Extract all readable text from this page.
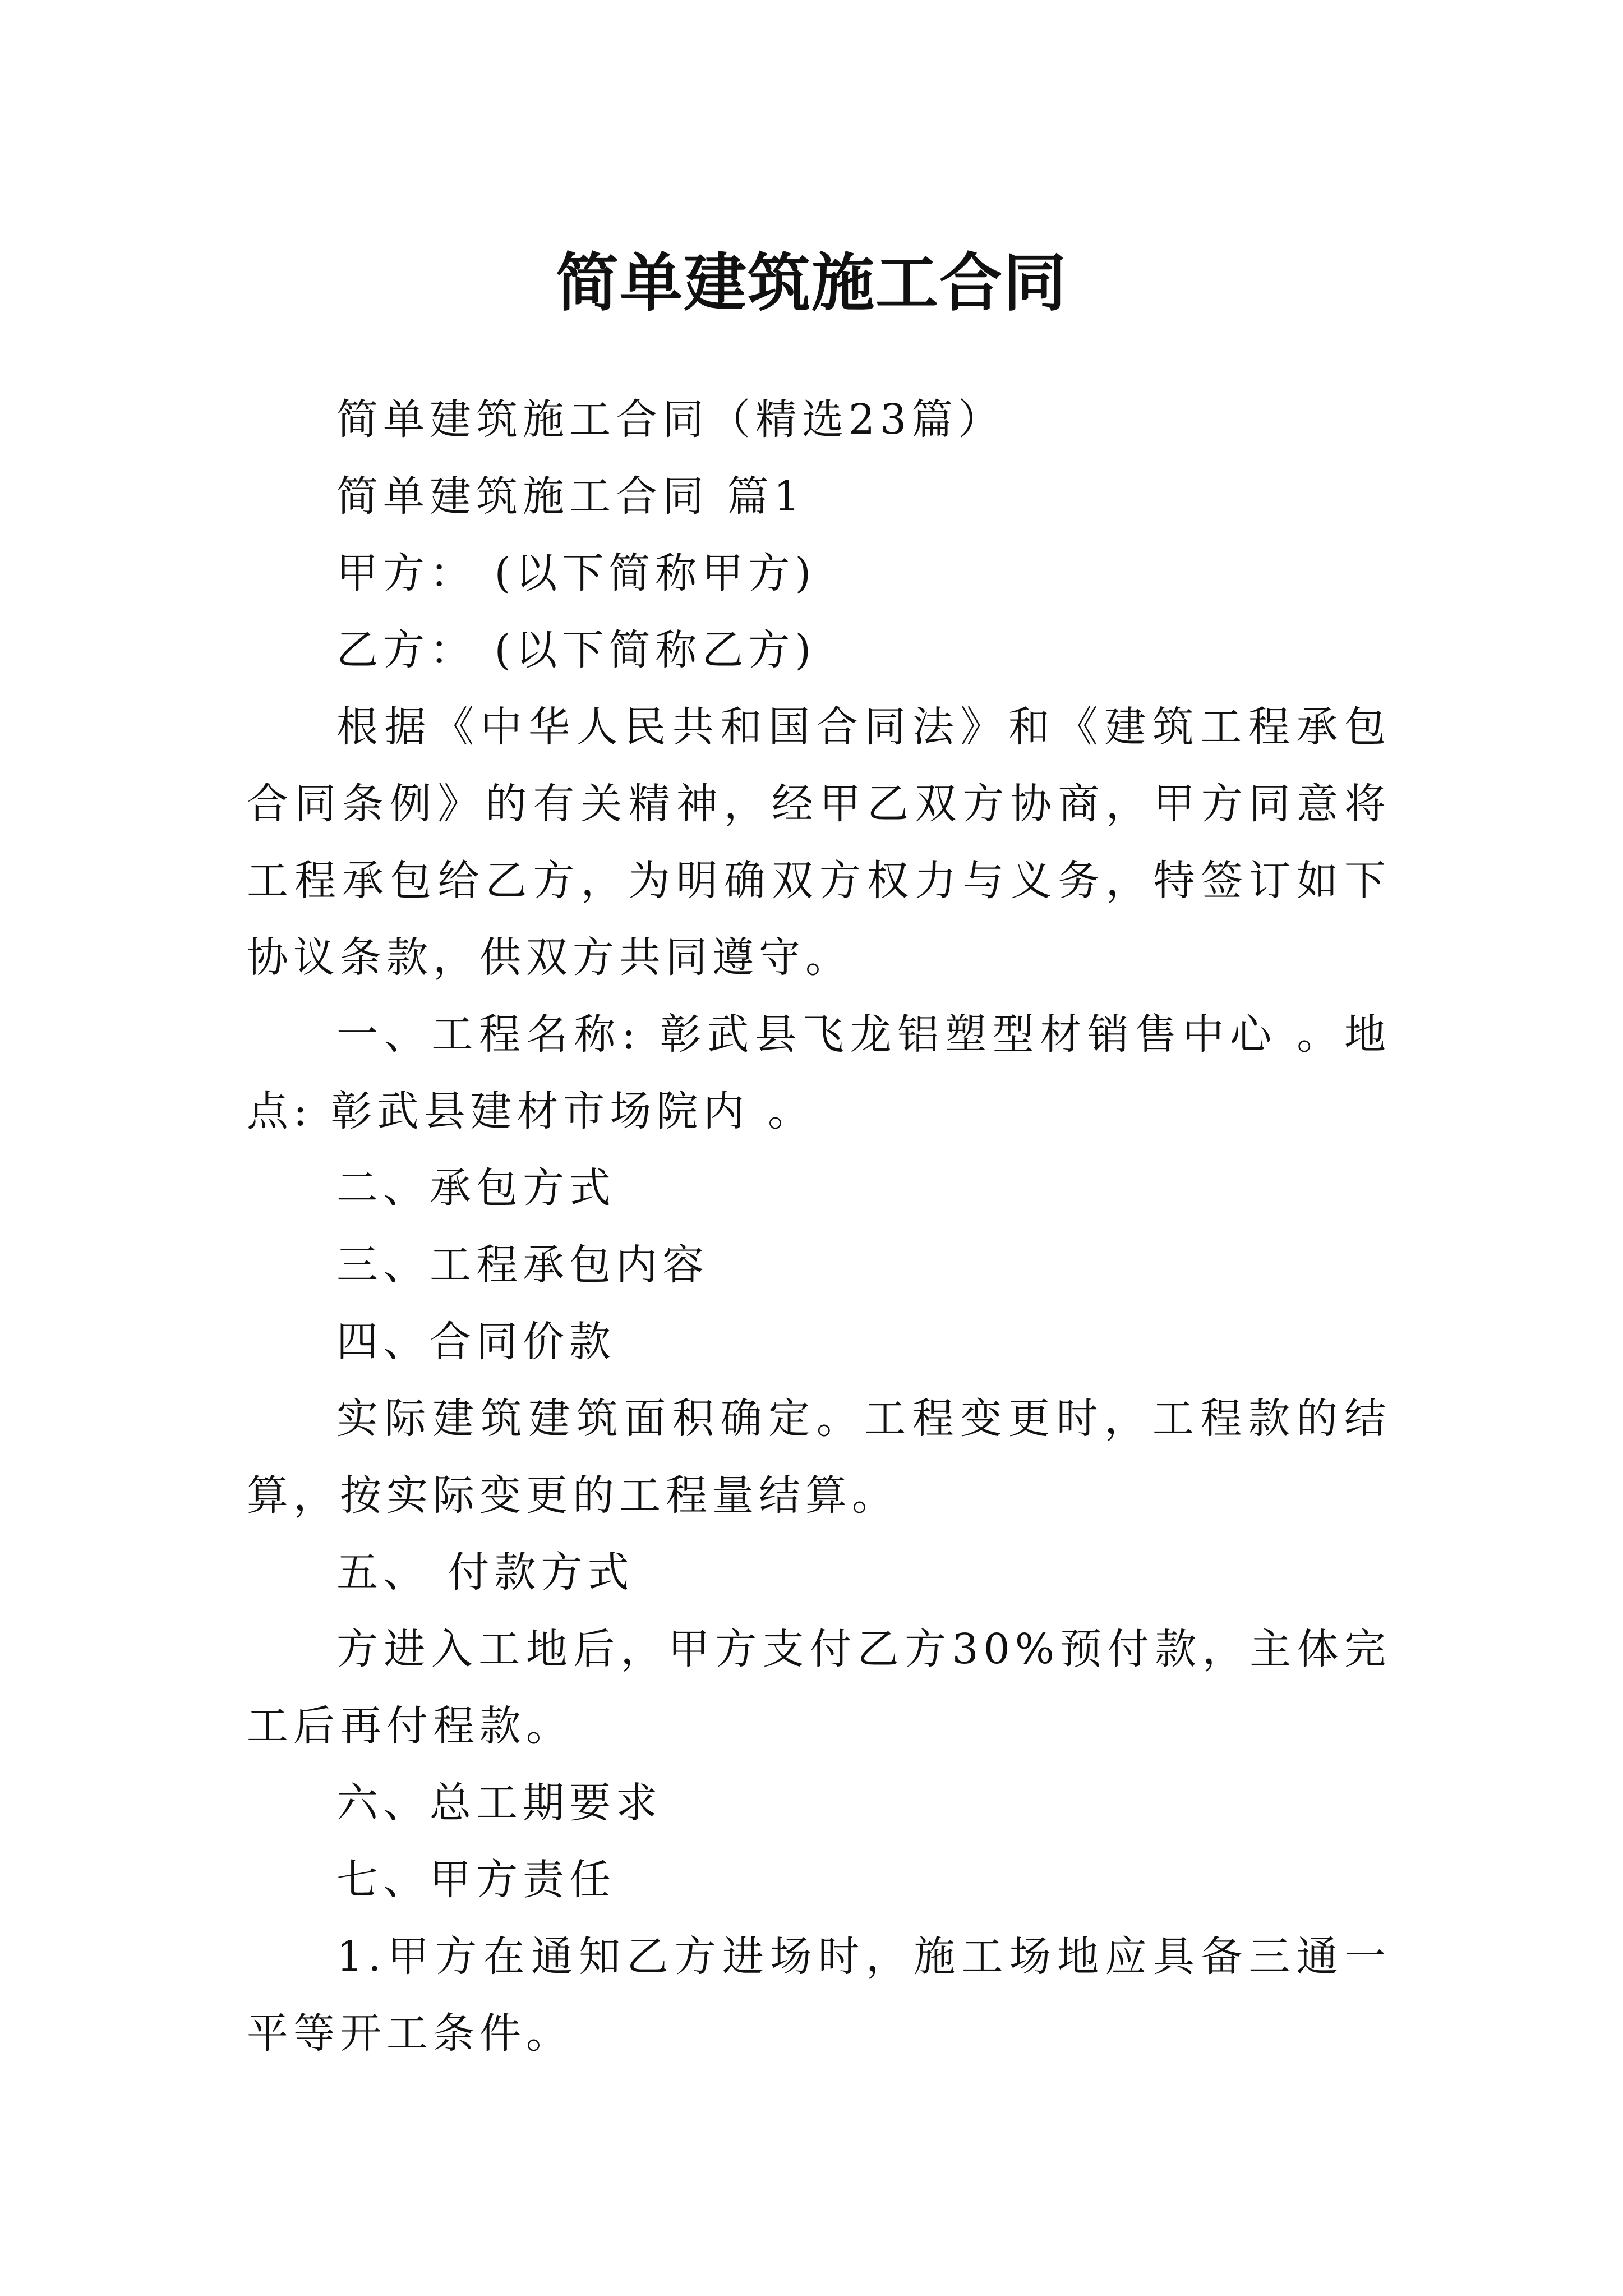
简单建筑施工合同

简单建筑施工合同（精选23篇）

简单建筑施工合同 篇1

甲方： (以下简称甲方)

乙方： (以下简称乙方)

根据《中华人民共和国合同法》和《建筑工程承包合同条例》的有关精神，经甲乙双方协商，甲方同意将工程承包给乙方，为明确双方权力与义务，特签订如下协议条款，供双方共同遵守。

一、工程名称: 彰武县飞龙铝塑型材销售中心 。地 点: 彰武县建材市场院内 。

二、承包方式

三、工程承包内容

四、合同价款

实际建筑建筑面积确定。工程变更时，工程款的结算，按实际变更的工程量结算。

五、 付款方式

方进入工地后，甲方支付乙方30%预付款，主体完工后再付程款。

六、总工期要求

七、甲方责任

1.甲方在通知乙方进场时，施工场地应具备三通一平等开工条件。
